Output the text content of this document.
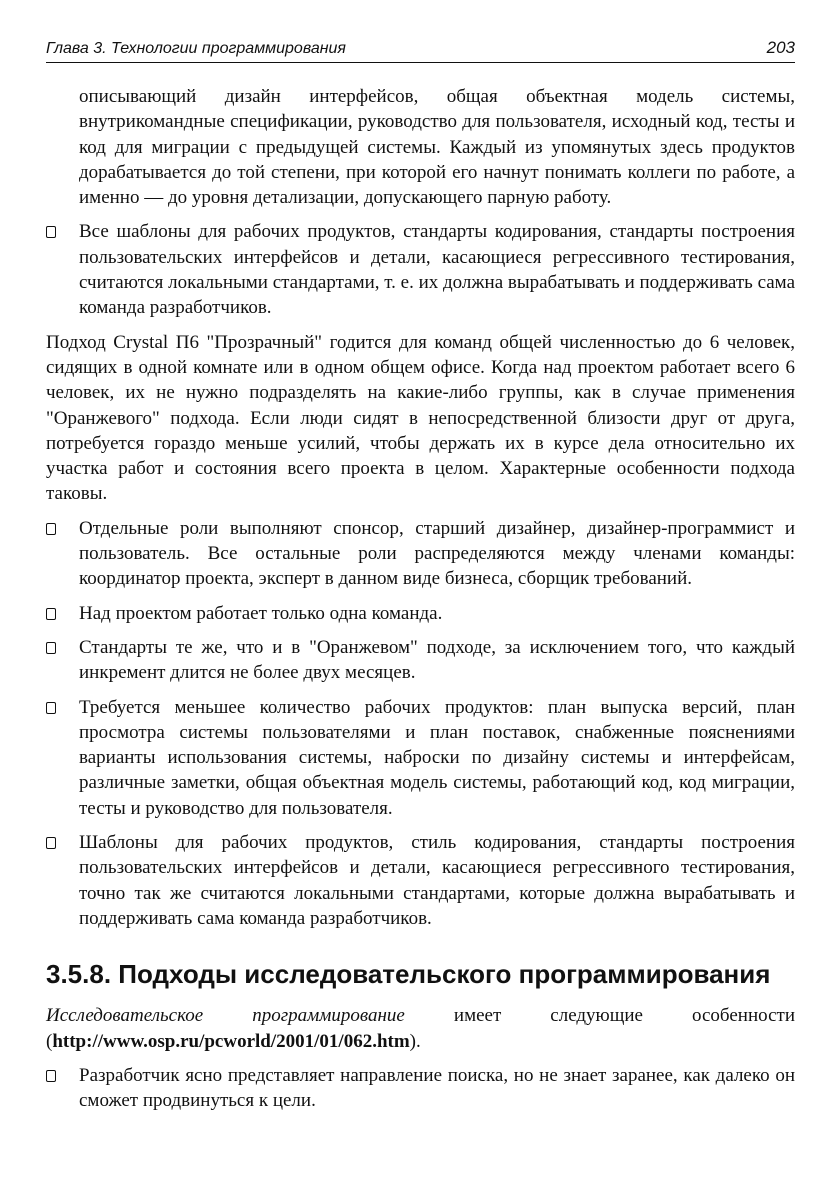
Глава 3. Технологии программирования	203

описывающий дизайн интерфейсов, общая объектная модель системы, внутрикомандные спецификации, руководство для пользователя, исходный код, тесты и код для миграции с предыдущей системы. Каждый из упомянутых здесь продуктов дорабатывается до той степени, при которой его начнут понимать коллеги по работе, а именно — до уровня детализации, допускающего парную работу.

Все шаблоны для рабочих продуктов, стандарты кодирования, стандарты построения пользовательских интерфейсов и детали, касающиеся регрессивного тестирования, считаются локальными стандартами, т. е. их должна вырабатывать и поддерживать сама команда разработчиков.

Подход Crystal П6 "Прозрачный" годится для команд общей численностью до 6 человек, сидящих в одной комнате или в одном общем офисе. Когда над проектом работает всего 6 человек, их не нужно подразделять на какие-либо группы, как в случае применения "Оранжевого" подхода. Если люди сидят в непосредственной близости друг от друга, потребуется гораздо меньше усилий, чтобы держать их в курсе дела относительно их участка работ и состояния всего проекта в целом. Характерные особенности подхода таковы.

Отдельные роли выполняют спонсор, старший дизайнер, дизайнер-программист и пользователь. Все остальные роли распределяются между членами команды: координатор проекта, эксперт в данном виде бизнеса, сборщик требований.
Над проектом работает только одна команда.
Стандарты те же, что и в "Оранжевом" подходе, за исключением того, что каждый инкремент длится не более двух месяцев.
Требуется меньшее количество рабочих продуктов: план выпуска версий, план просмотра системы пользователями и план поставок, снабженные пояснениями варианты использования системы, наброски по дизайну системы и интерфейсам, различные заметки, общая объектная модель системы, работающий код, код миграции, тесты и руководство для пользователя.
Шаблоны для рабочих продуктов, стиль кодирования, стандарты построения пользовательских интерфейсов и детали, касающиеся регрессивного тестирования, точно так же считаются локальными стандартами, которые должна вырабатывать и поддерживать сама команда разработчиков.
3.5.8. Подходы исследовательского программирования

Исследовательское программирование имеет следующие особенности (http://www.osp.ru/pcworld/2001/01/062.htm).

Разработчик ясно представляет направление поиска, но не знает заранее, как далеко он сможет продвинуться к цели.
